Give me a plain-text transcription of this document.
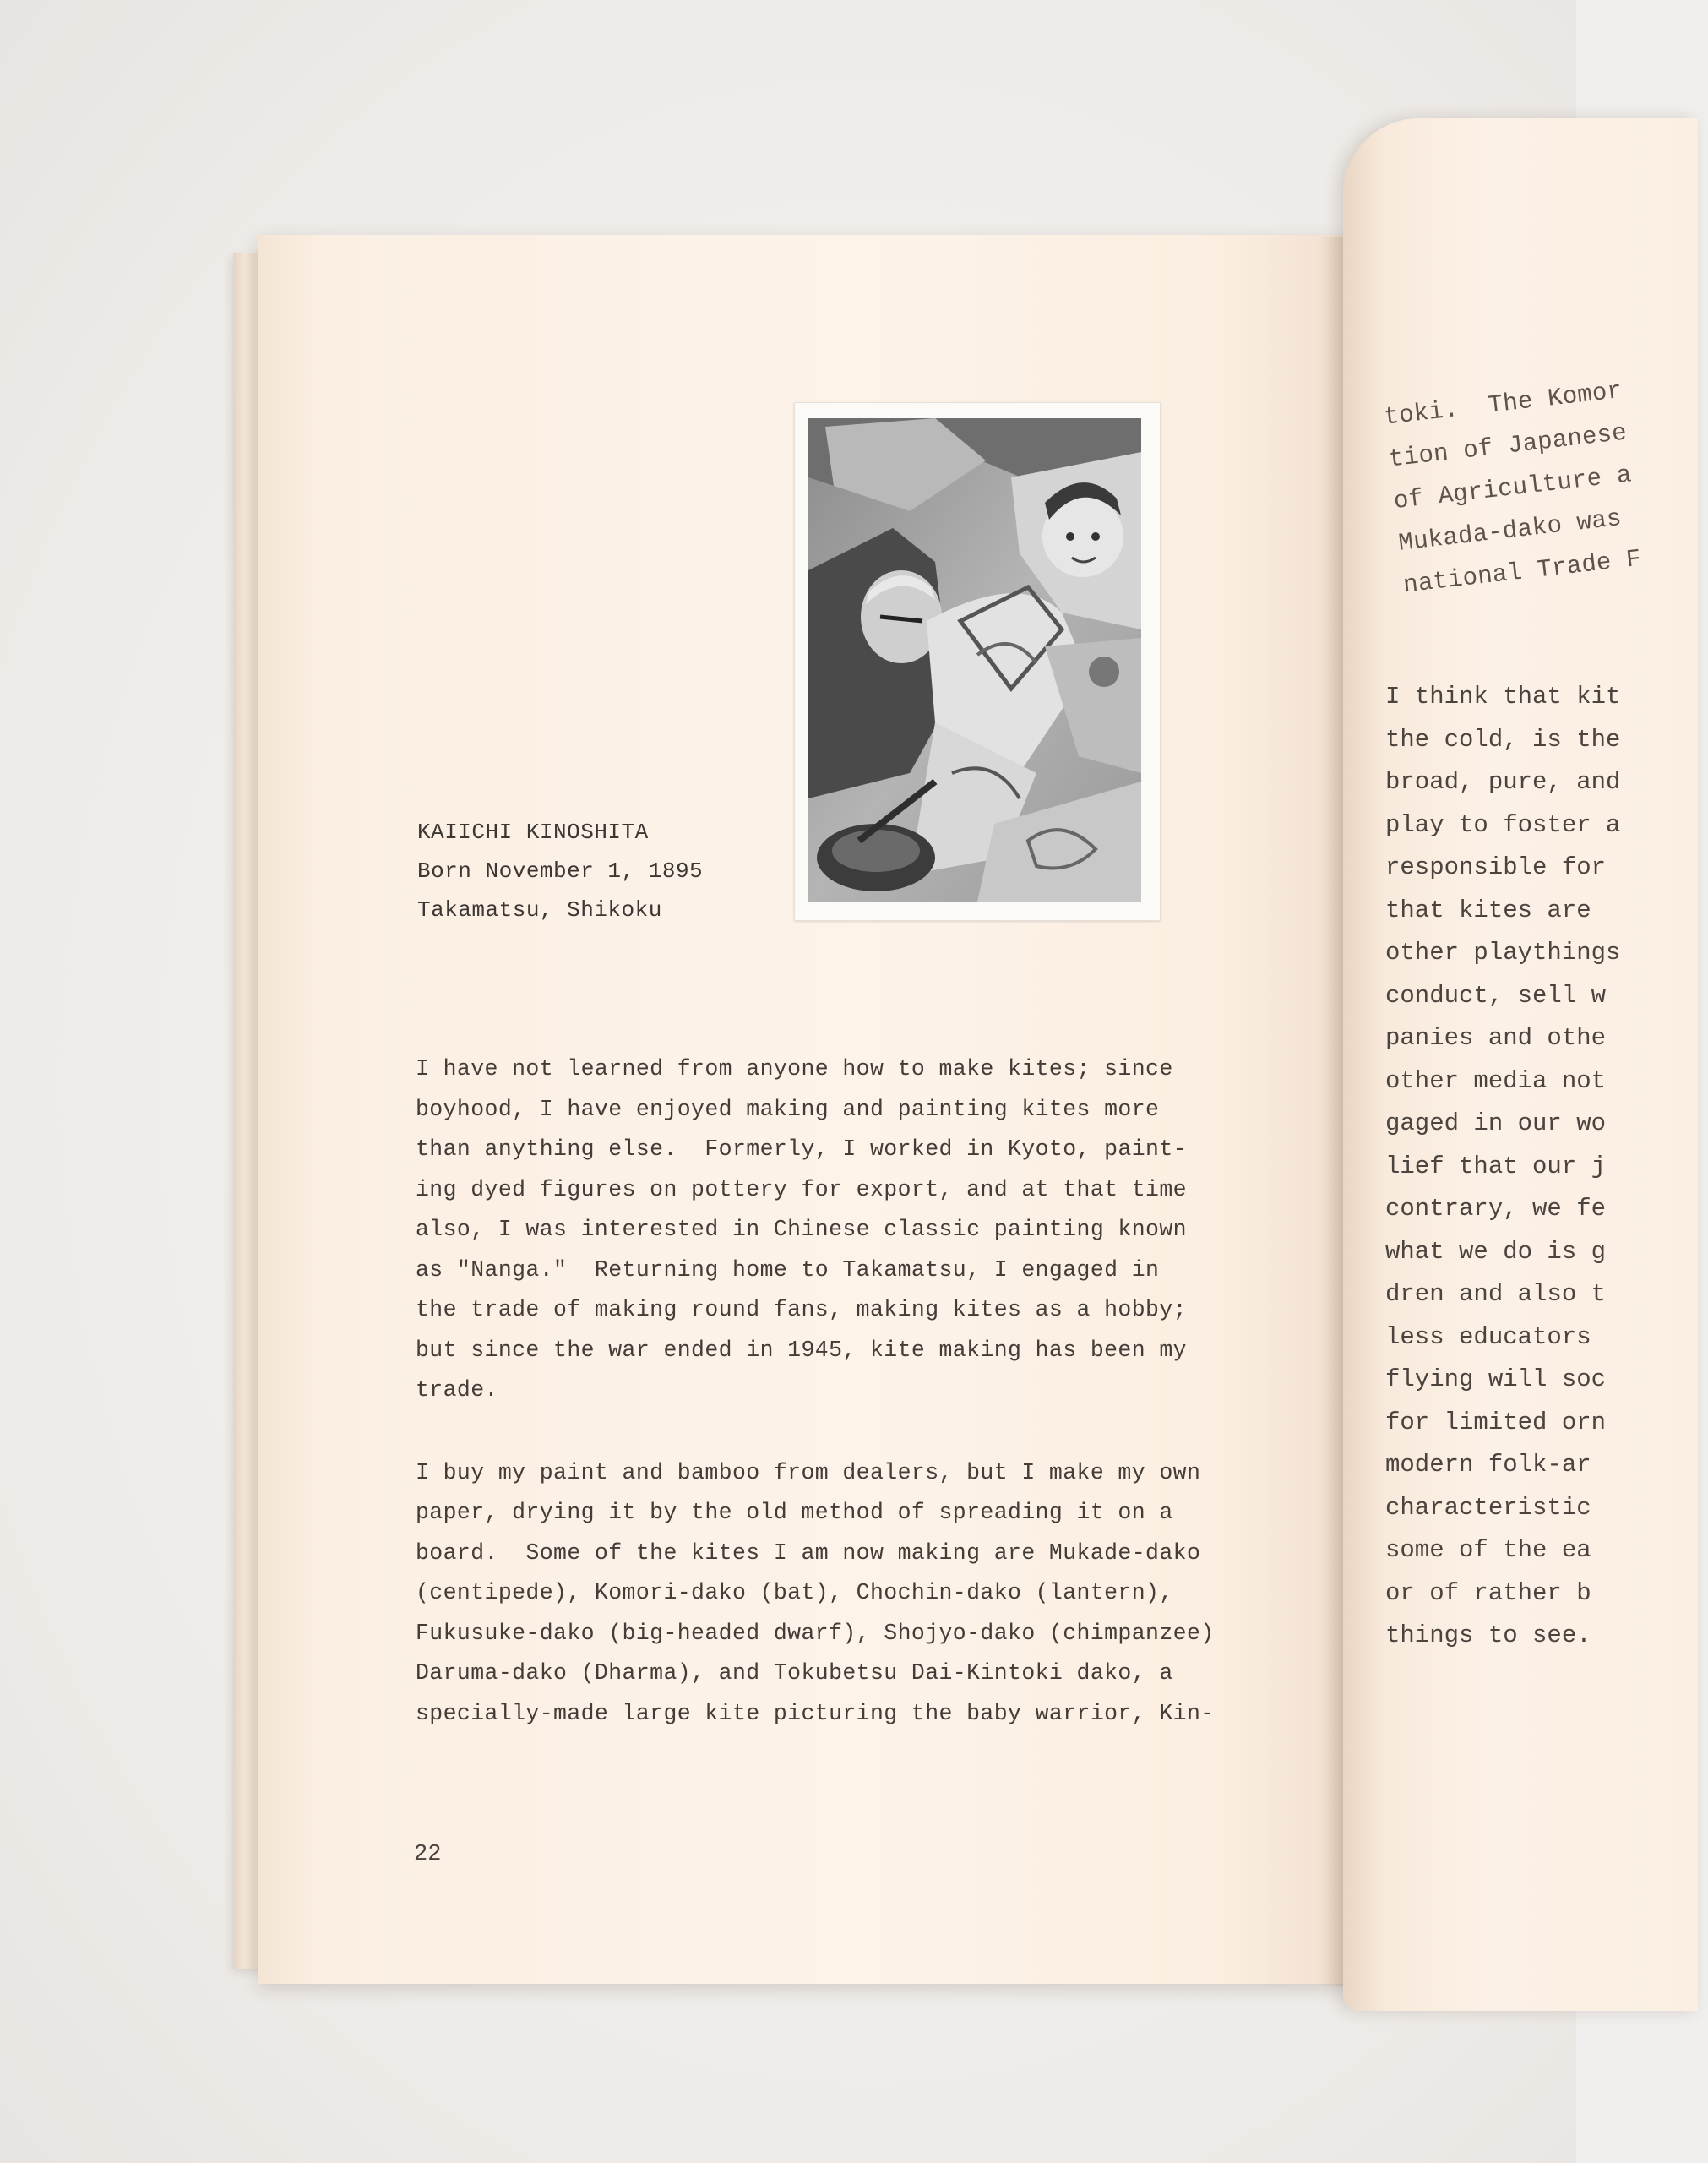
KAIICHI KINOSHITA
Born November 1, 1895
Takamatsu, Shikoku
I have not learned from anyone how to make kites; since
boyhood, I have enjoyed making and painting kites more
than anything else.  Formerly, I worked in Kyoto, paint-
ing dyed figures on pottery for export, and at that time
also, I was interested in Chinese classic painting known
as "Nanga."  Returning home to Takamatsu, I engaged in
the trade of making round fans, making kites as a hobby;
but since the war ended in 1945, kite making has been my
trade.
I buy my paint and bamboo from dealers, but I make my own
paper, drying it by the old method of spreading it on a
board.  Some of the kites I am now making are Mukade-dako
(centipede), Komori-dako (bat), Chochin-dako (lantern),
Fukusuke-dako (big-headed dwarf), Shojyo-dako (chimpanzee)
Daruma-dako (Dharma), and Tokubetsu Dai-Kintoki dako, a
specially-made large kite picturing the baby warrior, Kin-
22
toki.  The Komor
tion of Japanese
of Agriculture a
Mukada-dako was
national Trade F
I think that kit
the cold, is the
broad, pure, and
play to foster a
responsible for
that kites are
other playthings
conduct, sell w
panies and othe
other media not
gaged in our wo
lief that our j
contrary, we fe
what we do is g
dren and also t
less educators
flying will soc
for limited orn
modern folk-ar
characteristic
some of the ea
or of rather b
things to see.
